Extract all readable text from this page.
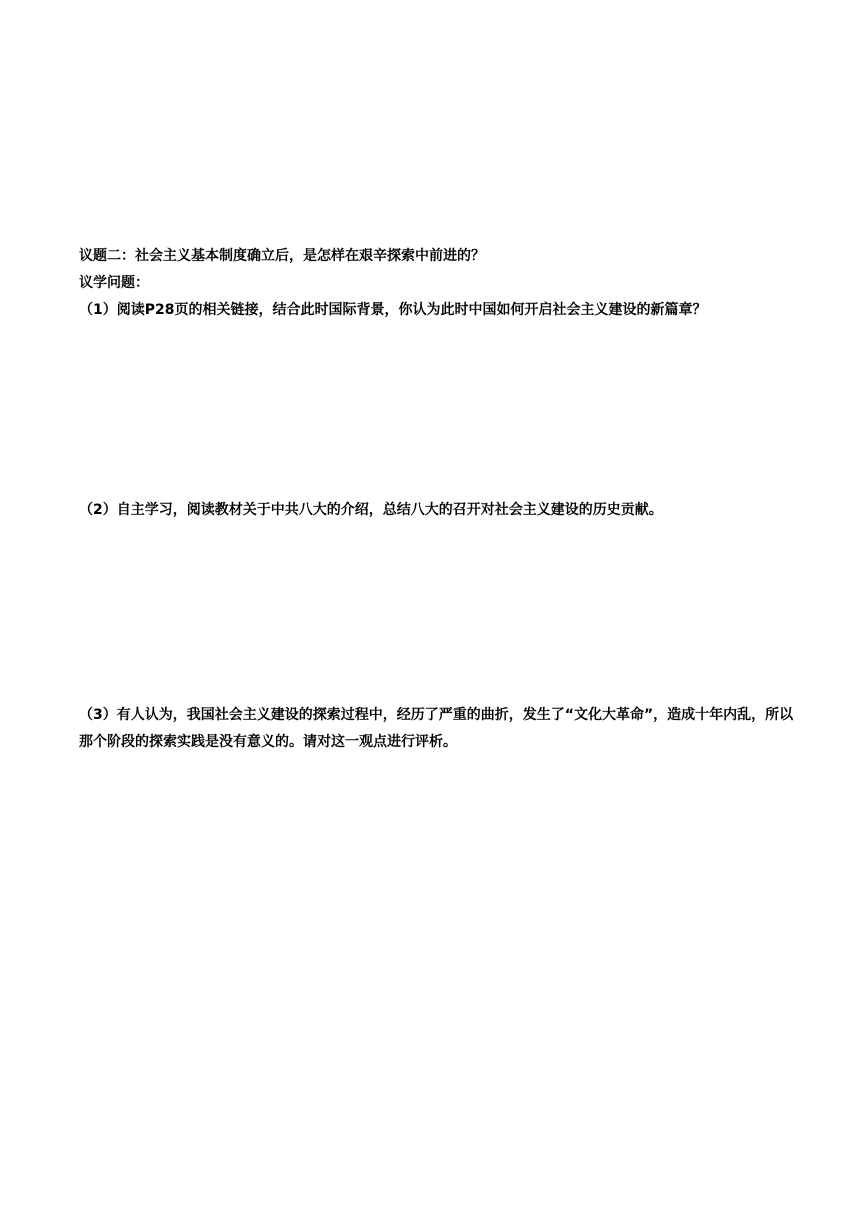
议题二：社会主义基本制度确立后，是怎样在艰辛探索中前进的？
议学问题：
（1）阅读P28页的相关链接，结合此时国际背景，你认为此时中国如何开启社会主义建设的新篇章？
（2）自主学习，阅读教材关于中共八大的介绍，总结八大的召开对社会主义建设的历史贡献。
（3）有人认为，我国社会主义建设的探索过程中，经历了严重的曲折，发生了“文化大革命”，造成十年内乱，所以那个阶段的探索实践是没有意义的。请对这一观点进行评析。
